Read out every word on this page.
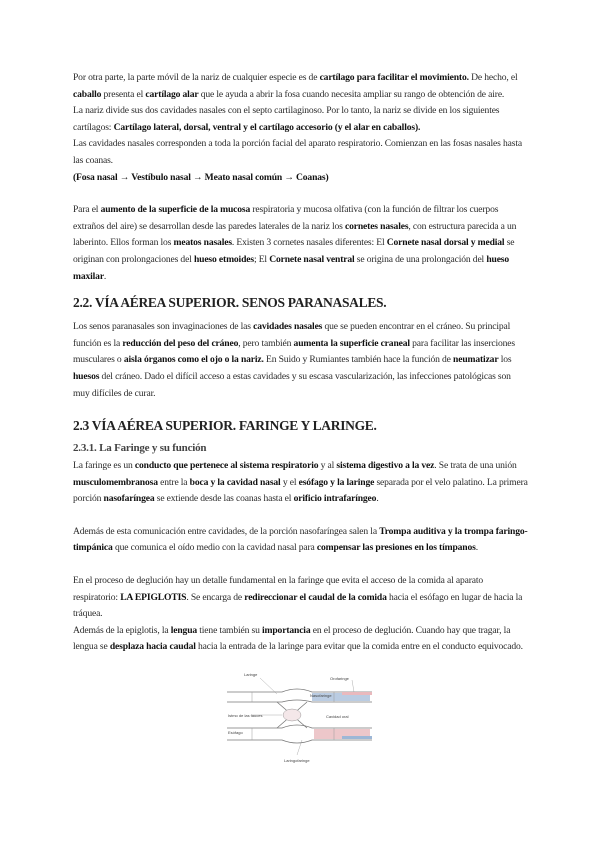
Por otra parte, la parte móvil de la nariz de cualquier especie es de cartílago para facilitar el movimiento. De hecho, el caballo presenta el cartílago alar que le ayuda a abrir la fosa cuando necesita ampliar su rango de obtención de aire.

La nariz divide sus dos cavidades nasales con el septo cartilaginoso. Por lo tanto, la nariz se divide en los siguientes cartílagos: Cartílago lateral, dorsal, ventral y el cartílago accesorio (y el alar en caballos).

Las cavidades nasales corresponden a toda la porción facial del aparato respiratorio. Comienzan en las fosas nasales hasta las coanas.

(Fosa nasal → Vestíbulo nasal → Meato nasal común → Coanas)

Para el aumento de la superficie de la mucosa respiratoria y mucosa olfativa (con la función de filtrar los cuerpos extraños del aire) se desarrollan desde las paredes laterales de la nariz los cornetes nasales, con estructura parecida a un laberinto. Ellos forman los meatos nasales. Existen 3 cornetes nasales diferentes: El Cornete nasal dorsal y medial se originan con prolongaciones del hueso etmoides; El Cornete nasal ventral se origina de una prolongación del hueso maxilar.

2.2. VÍA AÉREA SUPERIOR. SENOS PARANASALES.

Los senos paranasales son invaginaciones de las cavidades nasales que se pueden encontrar en el cráneo. Su principal función es la reducción del peso del cráneo, pero también aumenta la superficie craneal para facilitar las inserciones musculares o aisla órganos como el ojo o la nariz. En Suido y Rumiantes también hace la función de neumatizar los huesos del cráneo. Dado el difícil acceso a estas cavidades y su escasa vascularización, las infecciones patológicas son muy difíciles de curar.

2.3 VÍA AÉREA SUPERIOR. FARINGE Y LARINGE.
2.3.1. La Faringe y su función

La faringe es un conducto que pertenece al sistema respiratorio y al sistema digestivo a la vez. Se trata de una unión musculomembranosa entre la boca y la cavidad nasal y el esófago y la laringe separada por el velo palatino. La primera porción nasofaríngea se extiende desde las coanas hasta el orificio intrafaríngeo.

Además de esta comunicación entre cavidades, de la porción nasofaríngea salen la Trompa auditiva y la trompa faringo-timpánica que comunica el oído medio con la cavidad nasal para compensar las presiones en los tímpanos.

En el proceso de deglución hay un detalle fundamental en la faringe que evita el acceso de la comida al aparato respiratorio: LA EPIGLOTIS. Se encarga de redireccionar el caudal de la comida hacia el esófago en lugar de hacia la tráquea.

Además de la epiglotis, la lengua tiene también su importancia en el proceso de deglución. Cuando hay que tragar, la lengua se desplaza hacia caudal hacia la entrada de la laringe para evitar que la comida entre en el conducto equivocado.

Laringe
Nasofaringe
Esófago
Cavidad oral
Istmo de las fauces
Orofaringe
Laringofaringe
